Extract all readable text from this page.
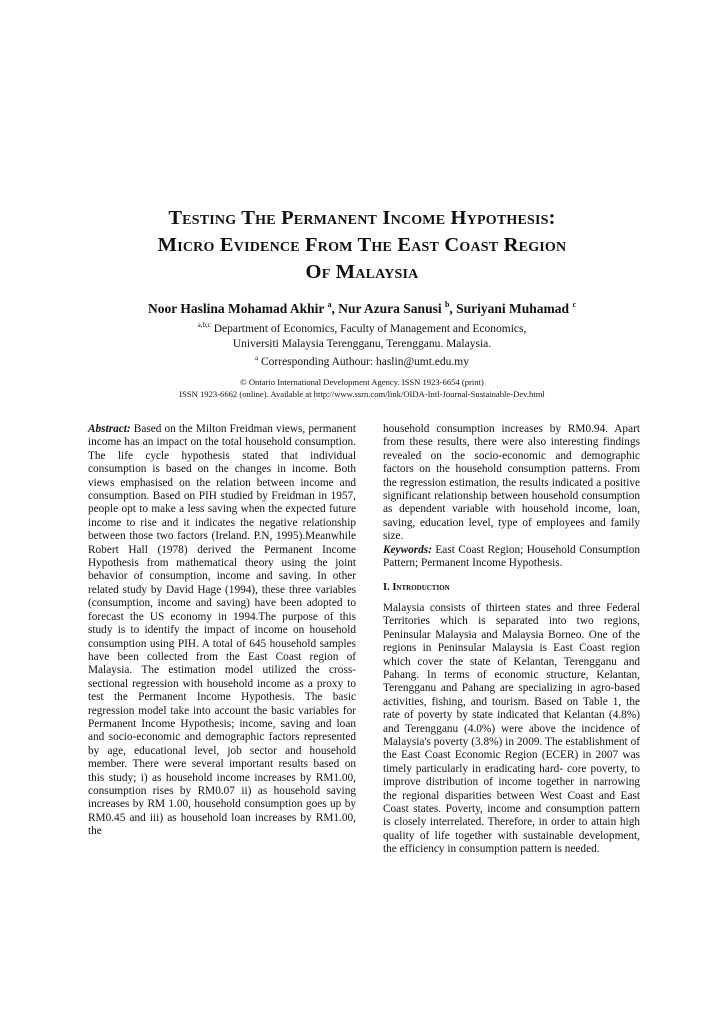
Testing The Permanent Income Hypothesis:
Micro Evidence From The East Coast Region
Of Malaysia
Noor Haslina Mohamad Akhir $^a$, Nur Azura Sanusi $^b$, Suriyani Muhamad $^c$
$^{a,b,c}$ Department of Economics, Faculty of Management and Economics,
Universiti Malaysia Terengganu, Terengganu. Malaysia.
$^a$ Corresponding Authour: haslin@umt.edu.my
© Ontario International Development Agency. ISSN 1923-6654 (print)
ISSN 1923-6662 (online). Available at http://www.ssrn.com/link/OIDA-Intl-Journal-Sustainable-Dev.html

Abstract: Based on the Milton Freidman views, permanent income has an impact on the total household consumption. The life cycle hypothesis stated that individual consumption is based on the changes in income. Both views emphasised on the relation between income and consumption. Based on PIH studied by Freidman in 1957, people opt to make a less saving when the expected future income to rise and it indicates the negative relationship between those two factors (Ireland. P.N, 1995).Meanwhile Robert Hall (1978) derived the Permanent Income Hypothesis from mathematical theory using the joint behavior of consumption, income and saving. In other related study by David Hage (1994), these three variables (consumption, income and saving) have been adopted to forecast the US economy in 1994.The purpose of this study is to identify the impact of income on household consumption using PIH. A total of 645 household samples have been collected from the East Coast region of Malaysia. The estimation model utilized the cross-sectional regression with household income as a proxy to test the Permanent Income Hypothesis. The basic regression model take into account the basic variables for Permanent Income Hypothesis; income, saving and loan and socio-economic and demographic factors represented by age, educational level, job sector and household member. There were several important results based on this study; i) as household income increases by RM1.00, consumption rises by RM0.07 ii) as household saving increases by RM 1.00, household consumption goes up by RM0.45 and iii) as household loan increases by RM1.00, the

household consumption increases by RM0.94. Apart from these results, there were also interesting findings revealed on the socio-economic and demographic factors on the household consumption patterns. From the regression estimation, the results indicated a positive significant relationship between household consumption as dependent variable with household income, loan, saving, education level, type of employees and family size.

Keywords: East Coast Region; Household Consumption Pattern; Permanent Income Hypothesis.

I. Introduction

Malaysia consists of thirteen states and three Federal Territories which is separated into two regions, Peninsular Malaysia and Malaysia Borneo. One of the regions in Peninsular Malaysia is East Coast region which cover the state of Kelantan, Terengganu and Pahang. In terms of economic structure, Kelantan, Terengganu and Pahang are specializing in agro-based activities, fishing, and tourism. Based on Table 1, the rate of poverty by state indicated that Kelantan (4.8%) and Terengganu (4.0%) were above the incidence of Malaysia's poverty (3.8%) in 2009. The establishment of the East Coast Economic Region (ECER) in 2007 was timely particularly in eradicating hard- core poverty, to improve distribution of income together in narrowing the regional disparities between West Coast and East Coast states. Poverty, income and consumption pattern is closely interrelated. Therefore, in order to attain high quality of life together with sustainable development, the efficiency in consumption pattern is needed.
